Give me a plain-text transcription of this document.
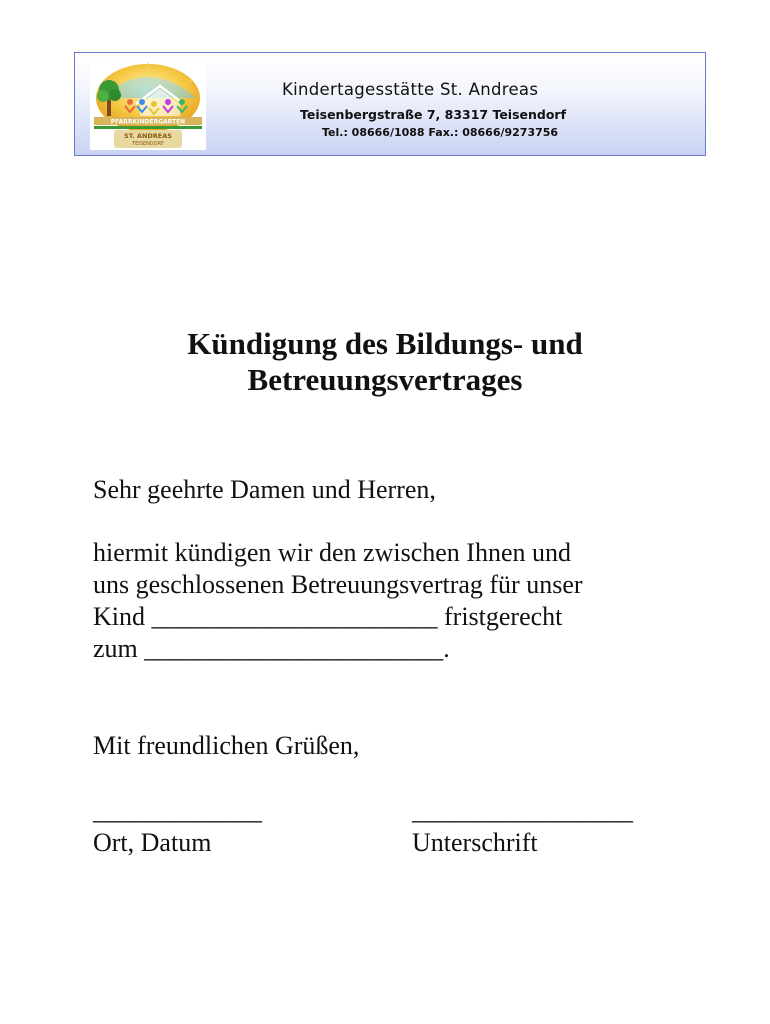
PFARRKINDERGARTEN
ST. ANDREAS
TEISENDORF
Kindertagesstätte St. Andreas
Teisenbergstraße 7, 83317 Teisendorf
Tel.: 08666/1088 Fax.: 08666/9273756
Kündigung des Bildungs- und
Betreuungsvertrages
Sehr geehrte Damen und Herren,
hiermit kündigen wir den zwischen Ihnen und
uns geschlossenen Betreuungsvertrag für unser
Kind ______________________ fristgerecht
zum _______________________.
Mit freundlichen Grüßen,
_____________
Ort, Datum
_________________
Unterschrift
